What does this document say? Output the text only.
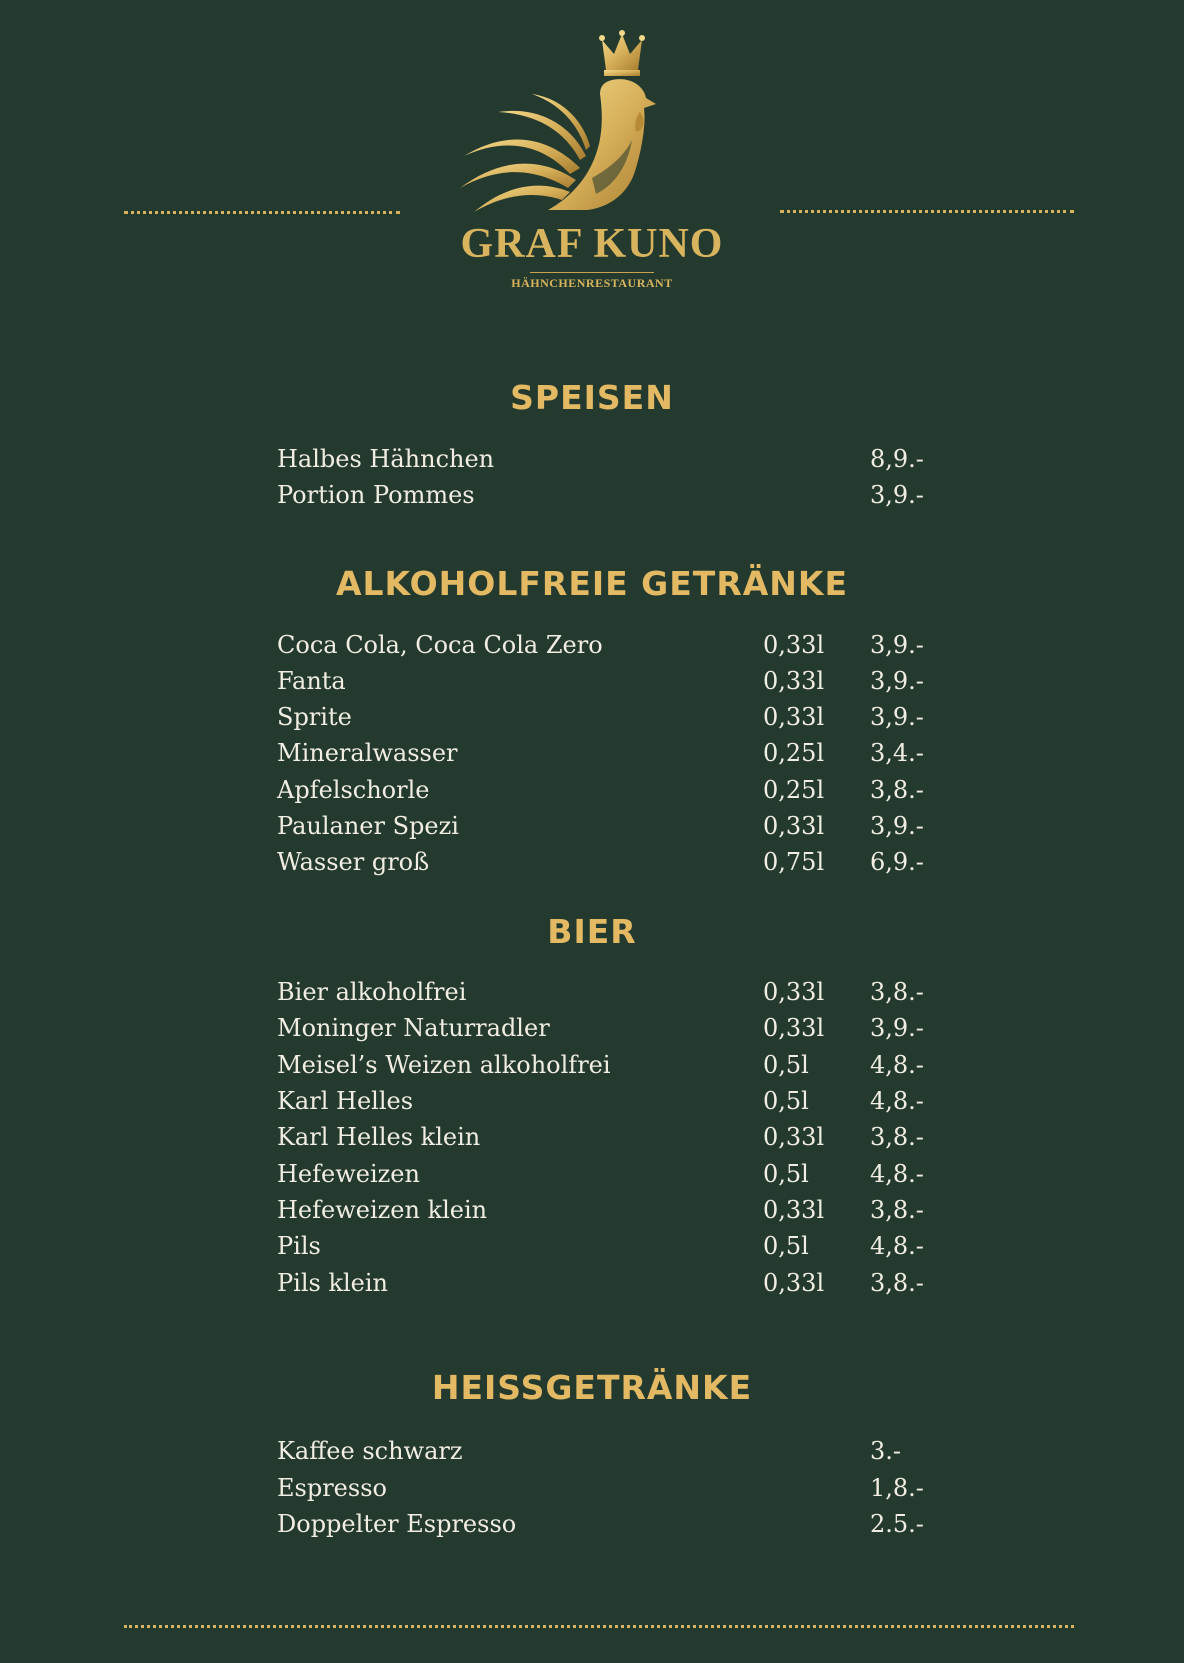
GRAF KUNO
HÄHNCHENRESTAURANT
SPEISEN
Halbes Hähnchen	8,9.-
Portion Pommes	3,9.-
ALKOHOLFREIE GETRÄNKE
Coca Cola, Coca Cola Zero	0,33l 3,9.-
Fanta	0,33l 3,9.-
Sprite	0,33l 3,9.-
Mineralwasser	0,25l 3,4.-
Apfelschorle	0,25l 3,8.-
Paulaner Spezi	0,33l 3,9.-
Wasser groß	0,75l 6,9.-
BIER
Bier alkoholfrei	0,33l 3,8.-
Moninger Naturradler	0,33l 3,9.-
Meisel’s Weizen alkoholfrei	0,5l	4,8.-
Karl Helles	0,5l	4,8.-
Karl Helles klein	0,33l 3,8.-
Hefeweizen	0,5l	4,8.-
Hefeweizen klein	0,33l 3,8.-
Pils	0,5l	4,8.-
Pils klein	0,33l 3,8.-
HEISSGETRÄNKE
Kaffee schwarz	3.-
Espresso	1,8.-
Doppelter Espresso	2.5.-
